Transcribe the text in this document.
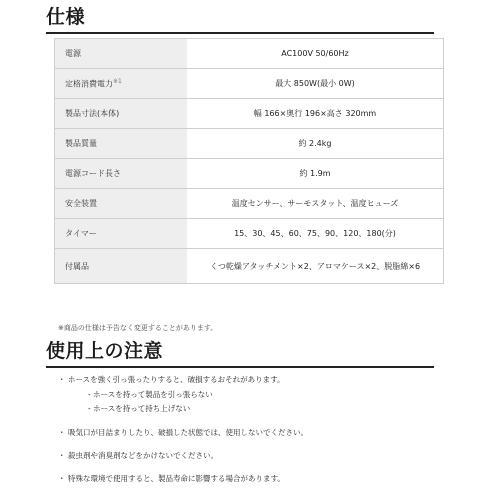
仕様
電源	AC100V 50/60Hz
定格消費電力$^{※1}$	最大 850W(最小 0W)
製品寸法(本体)	幅 166×奥行 196×高さ 320mm
製品質量	約 2.4kg
電源コード長さ	約 1.9m
安全装置	温度センサー、サーモスタット、温度ヒューズ
タイマー	15、30、45、60、75、90、120、180(分)
付属品	くつ乾燥アタッチメント×2、アロマケース×2、脱脂綿×6
※商品の仕様は予告なく変更することがあります。
使用上の注意
・ ホースを強く引っ張ったりすると、破損するおそれがあります。
- ホースを持って製品を引っ張らない
- ホースを持って持ち上げない
・ 吸気口が目詰まりしたり、破損した状態では、使用しないでください。
・ 殺虫剤や消臭剤などをかけないでください。
・ 特殊な環境で使用すると、製品寿命に影響する場合があります。
